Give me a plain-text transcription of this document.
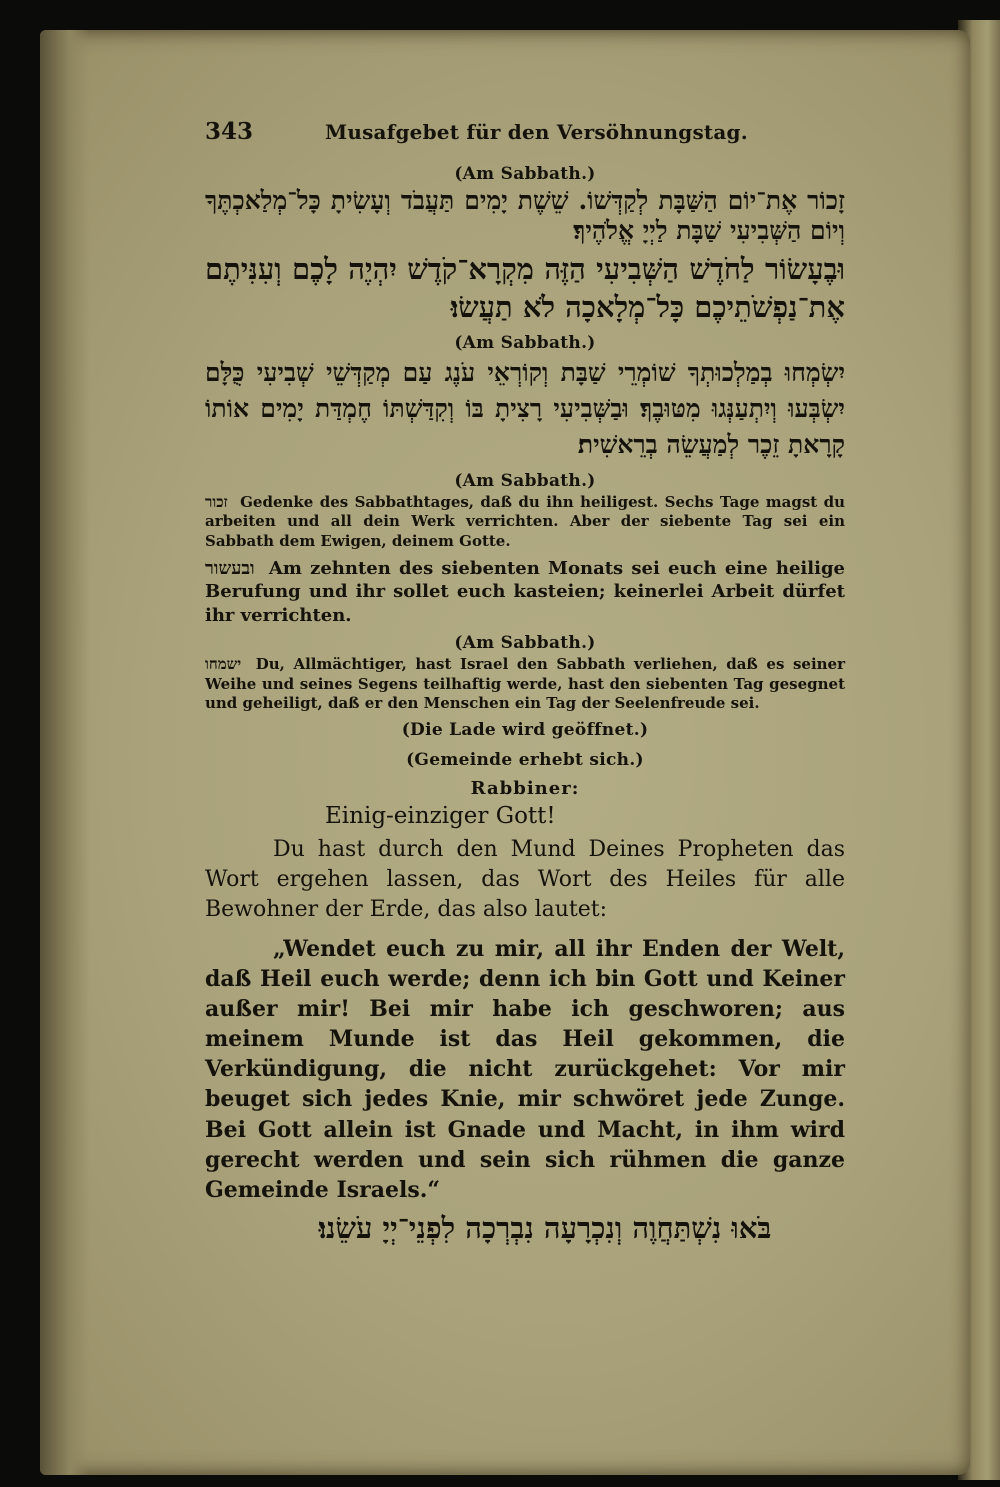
343	Musafgebet für den Versöhnungstag.
(Am Sabbath.)
זָכוֹר אֶת־יוֹם הַשַּׁבָּת לְקַדְּשׁוֹ. שֵׁשֶׁת יָמִים תַּעֲבֹד וְעָשִׂיתָ כָּל־מְלַאכְתֶּךָ וְיוֹם הַשְּׁבִיעִי שַׁבָּת לַיְיָ אֱלֹהֶיךָ׃
וּבֶעָשׂוֹר לַחֹדֶשׁ הַשְּׁבִיעִי הַזֶּה מִקְרָא־קֹדֶשׁ יִהְיֶה לָכֶם וְעִנִּיתֶם אֶת־נַפְשֹׁתֵיכֶם כָּל־מְלָאכָה לֹא תַעֲשׂוּ׃
(Am Sabbath.)
יִשְׂמְחוּ בְמַלְכוּתְךָ שׁוֹמְרֵי שַׁבָּת וְקוֹרְאֵי עֹנֶג עַם מְקַדְּשֵׁי שְׁבִיעִי כֻּלָּם יִשְׂבְּעוּ וְיִתְעַנְּגוּ מִטּוּבֶךָ׃ וּבַשְּׁבִיעִי רָצִיתָ בּוֹ וְקִדַּשְׁתּוֹ חֶמְדַּת יָמִים אוֹתוֹ קָרָאתָ זֵכֶר לְמַעֲשֵׂה בְרֵאשִׁית׃
(Am Sabbath.)

זכור Gedenke des Sabbathtages, daß du ihn heiligest. Sechs Tage magst du arbeiten und all dein Werk verrichten. Aber der siebente Tag sei ein Sabbath dem Ewigen, deinem Gotte.

ובעשור Am zehnten des siebenten Monats sei euch eine heilige Berufung und ihr sollet euch kasteien; keinerlei Arbeit dürfet ihr verrichten.

(Am Sabbath.)

ישמחו Du, Allmächtiger, hast Israel den Sabbath verliehen, daß es seiner Weihe und seines Segens teilhaftig werde, hast den siebenten Tag gesegnet und geheiligt, daß er den Menschen ein Tag der Seelenfreude sei.

(Die Lade wird geöffnet.)
(Gemeinde erhebt sich.)
Rabbiner:
Einig-einziger Gott!

Du hast durch den Mund Deines Propheten das Wort ergehen lassen, das Wort des Heiles für alle Bewohner der Erde, das also lautet:

„Wendet euch zu mir, all ihr Enden der Welt, daß Heil euch werde; denn ich bin Gott und Keiner außer mir! Bei mir habe ich geschworen; aus meinem Munde ist das Heil gekommen, die Verkündigung, die nicht zurückgehet: Vor mir beuget sich jedes Knie, mir schwöret jede Zunge. Bei Gott allein ist Gnade und Macht, in ihm wird gerecht werden und sein sich rühmen die ganze Gemeinde Israels.“

בֹּאוּ נִשְׁתַּחֲוֶה וְנִכְרָעָה נִבְרְכָה לִפְנֵי־יְיָ עֹשֵׂנוּ׃
